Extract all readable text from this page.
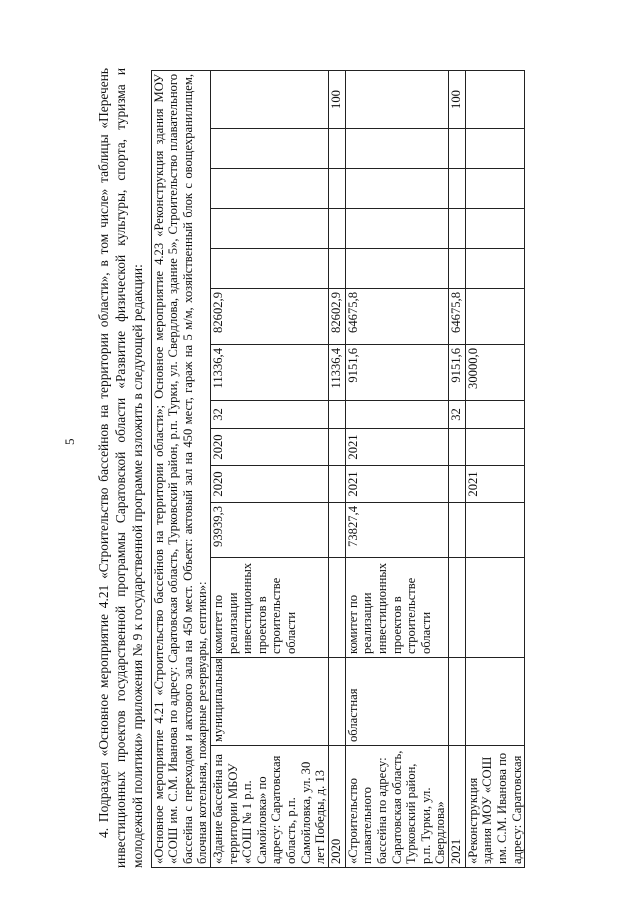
5 4. Подраздел «Основное мероприятие 4.21 «Строительство бассейнов на территории области», в том числе» таблицы «Перечень инвестиционных проектов государственной программы Саратовской области «Развитие физической культуры, спорта, туризма и молодежной политики» приложения № 9 к государственной программе изложить в следующей редакции: «Основное мероприятие 4.21 «Строительство бассейнов на территории области»; Основное мероприятие 4.23 «Реконструкция здания МОУ «СОШ им. С.М. Иванова по адресу: Саратовская область, Турковский район, р.п. Турки, ул. Свердлова, здание 5», Строительство плавательного бассейна с переходом и актового зала на 450 мест. Объект: актовый зал на 450 мест, гараж на 5 м/м, хозяйственный блок с овощехранилищем, блочная котельная, пожарные резервуары, септики»:													
«Здание бассейна на территории МБОУ «СОШ № 1 р.п. Самойловка» по адресу: Саратовская область, р.п. Самойловка, ул. 30 лет Победы, д. 13	муниципальная	комитет по реализации инвестиционных проектов в строительстве области	93939,3	2020	2020	32	11336,4	82602,9					
2020							11336,4	82602,9					100
«Строительство плавательного бассейна по адресу: Саратовская область, Турковский район, р.п. Турки, ул. Свердлова»	областная	комитет по реализации инвестиционных проектов в строительстве области	73827,4	2021	2021		9151,6	64675,8					
2021						32	9151,6	64675,8					100
«Реконструкция здания МОУ «СОШ им. С.М. Иванова по адресу: Саратовская				2021			30000,0						
